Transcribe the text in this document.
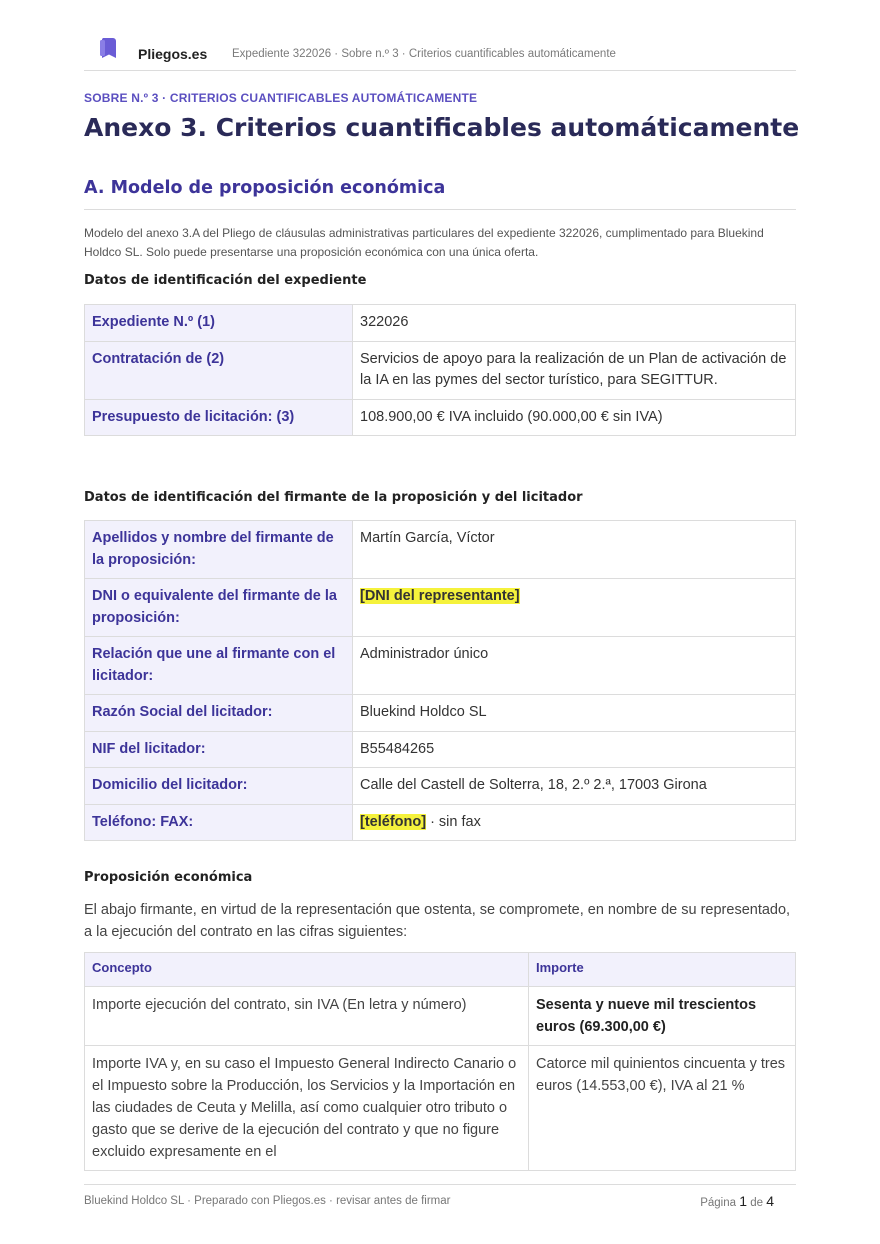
Pliegos.es Expediente 322026 · Sobre n.º 3 · Criterios cuantificables automáticamente
SOBRE N.º 3 · CRITERIOS CUANTIFICABLES AUTOMÁTICAMENTE
Anexo 3. Criterios cuantificables automáticamente
A. Modelo de proposición económica

Modelo del anexo 3.A del Pliego de cláusulas administrativas particulares del expediente 322026, cumplimentado para Bluekind Holdco SL. Solo puede presentarse una proposición económica con una única oferta.

Datos de identificación del expediente
Expediente N.º (1)	322026
Contratación de (2)	Servicios de apoyo para la realización de un Plan de activación de la IA en las pymes del sector turístico, para SEGITTUR.
Presupuesto de licitación: (3)	108.900,00 € IVA incluido (90.000,00 € sin IVA)
Datos de identificación del firmante de la proposición y del licitador
Apellidos y nombre del firmante de la proposición:	Martín García, Víctor
DNI o equivalente del firmante de la proposición:	[DNI del representante]
Relación que une al firmante con el licitador:	Administrador único
Razón Social del licitador:	Bluekind Holdco SL
NIF del licitador:	B55484265
Domicilio del licitador:	Calle del Castell de Solterra, 18, 2.º 2.ª, 17003 Girona
Teléfono: FAX:	[teléfono] · sin fax
Proposición económica

El abajo firmante, en virtud de la representación que ostenta, se compromete, en nombre de su representado, a la ejecución del contrato en las cifras siguientes:

Concepto	Importe
Importe ejecución del contrato, sin IVA (En letra y número)	Sesenta y nueve mil trescientos euros (69.300,00 €)
Importe IVA y, en su caso el Impuesto General Indirecto Canario o el Impuesto sobre la Producción, los Servicios y la Importación en las ciudades de Ceuta y Melilla, así como cualquier otro tributo o gasto que se derive de la ejecución del contrato y que no figure excluido expresamente en el	Catorce mil quinientos cincuenta y tres euros (14.553,00 €), IVA al 21 %
Bluekind Holdco SL · Preparado con Pliegos.es · revisar antes de firmar	Página 1 de 4
